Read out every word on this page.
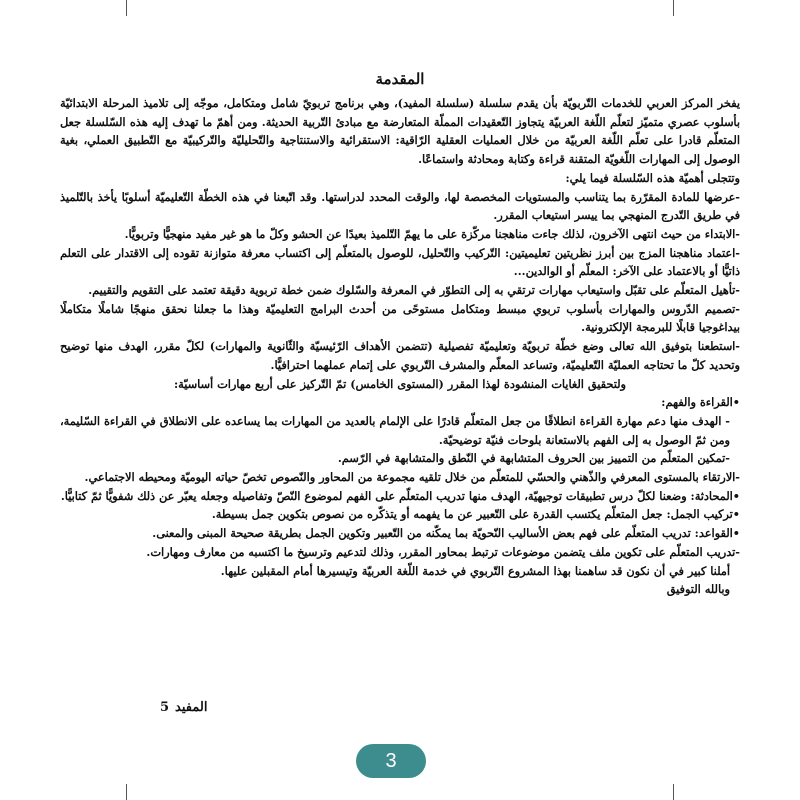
المقدمة

يفخر المركز العربي للخدمات التّربويّة بأن يقدم سلسلة (سلسلة المفيد)، وهي برنامج تربويّ شامل ومتكامل، موجّه إلى تلاميذ المرحلة الابتدائيّة بأسلوب عصري متميّز لتعلّم اللّغة العربيّة يتجاوز التّعقيدات المملّة المتعارضة مع مبادئ التّربية الحديثة. ومن أهمّ ما تهدف إليه هذه السّلسلة جعل المتعلّم قادرا على تعلّم اللّغة العربيّة من خلال العمليات العقلية الرّاقية: الاستقرائية والاستنتاجية والتّحليليّة والتّركيبيّة مع التّطبيق العملي، بغية الوصول إلى المهارات اللّغويّة المتقنة قراءة وكتابة ومحادثة واستماعًا.

وتتجلى أهميّة هذه السّلسلة فيما يلي:

-عرضها للمادة المقرّرة بما يتناسب والمستويات المخصصة لها، والوقت المحدد لدراستها. وقد اتّبعنا في هذه الخطّة التّعليميّة أسلوبًا يأخذ بالتّلميذ في طريق التّدرج المنهجي بما ييسر استيعاب المقرر.

-الابتداء من حيث انتهى الآخرون، لذلك جاءت مناهجنا مركّزة على ما يهمّ التّلميذ بعيدًا عن الحشو وكلّ ما هو غير مفيد منهجيًّا وتربويًّا.

-اعتماد مناهجنا المزج بين أبرز نظريتين تعليميتين: التّركيب والتّحليل، للوصول بالمتعلّم إلى اكتساب معرفة متوازنة تقوده إلى الاقتدار على التعلم ذاتيًّا أو بالاعتماد على الآخر: المعلّم أو الوالدين...

-تأهيل المتعلّم على تقبّل واستيعاب مهارات ترتقي به إلى التطوّر في المعرفة والسّلوك ضمن خطة تربوية دقيقة تعتمد على التقويم والتقييم.

-تصميم الدّروس والمهارات بأسلوب تربوي مبسط ومتكامل مستوحًى من أحدث البرامج التعليميّة وهذا ما جعلنا نحقق منهجًا شاملًا متكاملًا بيداغوجيا قابلًا للبرمجة الإلكترونية.

-استطعنا بتوفيق الله تعالى وضع خطّة تربويّة وتعليميّة تفصيلية (تتضمن الأهداف الرّئيسيّة والثّانوية والمهارات) لكلّ مقرر، الهدف منها توضيح وتحديد كلّ ما تحتاجه العمليّة التّعليميّة، وتساعد المعلّم والمشرف التّربوي على إتمام عملهما احترافيًّا.

ولتحقيق الغايات المنشودة لهذا المقرر (المستوى الخامس) تمّ التّركيز على أربع مهارات أساسيّة:

•القراءة والفهم:

- الهدف منها دعم مهارة القراءة انطلاقًا من جعل المتعلّم قادرًا على الإلمام بالعديد من المهارات بما يساعده على الانطلاق في القراءة السّليمة، ومن ثمّ الوصول به إلى الفهم بالاستعانة بلوحات فنيّة توضيحيّة.

-تمكين المتعلّم من التمييز بين الحروف المتشابهة في النّطق والمتشابهة في الرّسم.

-الارتقاء بالمستوى المعرفي والذّهني والحسّي للمتعلّم من خلال تلقيه مجموعة من المحاور والنّصوص تخصّ حياته اليوميّة ومحيطه الاجتماعي.

•المحادثة: وضعنا لكلّ درس تطبيقات توجيهيّة، الهدف منها تدريب المتعلّم على الفهم لموضوع النّصّ وتفاصيله وجعله يعبّر عن ذلك شفويًّا ثمّ كتابيًّا.

•تركيب الجمل: جعل المتعلّم يكتسب القدرة على التّعبير عن ما يفهمه أو يتذكّره من نصوص بتكوين جمل بسيطة.

•القواعد: تدريب المتعلّم على فهم بعض الأساليب النّحويّة بما يمكّنه من التّعبير وتكوين الجمل بطريقة صحيحة المبنى والمعنى.

-تدريب المتعلّم على تكوين ملف يتضمن موضوعات ترتبط بمحاور المقرر، وذلك لتدعيم وترسيخ ما اكتسبه من معارف ومهارات.

أملنا كبير في أن نكون قد ساهمنا بهذا المشروع التّربوي في خدمة اللّغة العربيّة وتيسيرها أمام المقبلين عليها.

وبالله التوفيق

المفيد5
3
